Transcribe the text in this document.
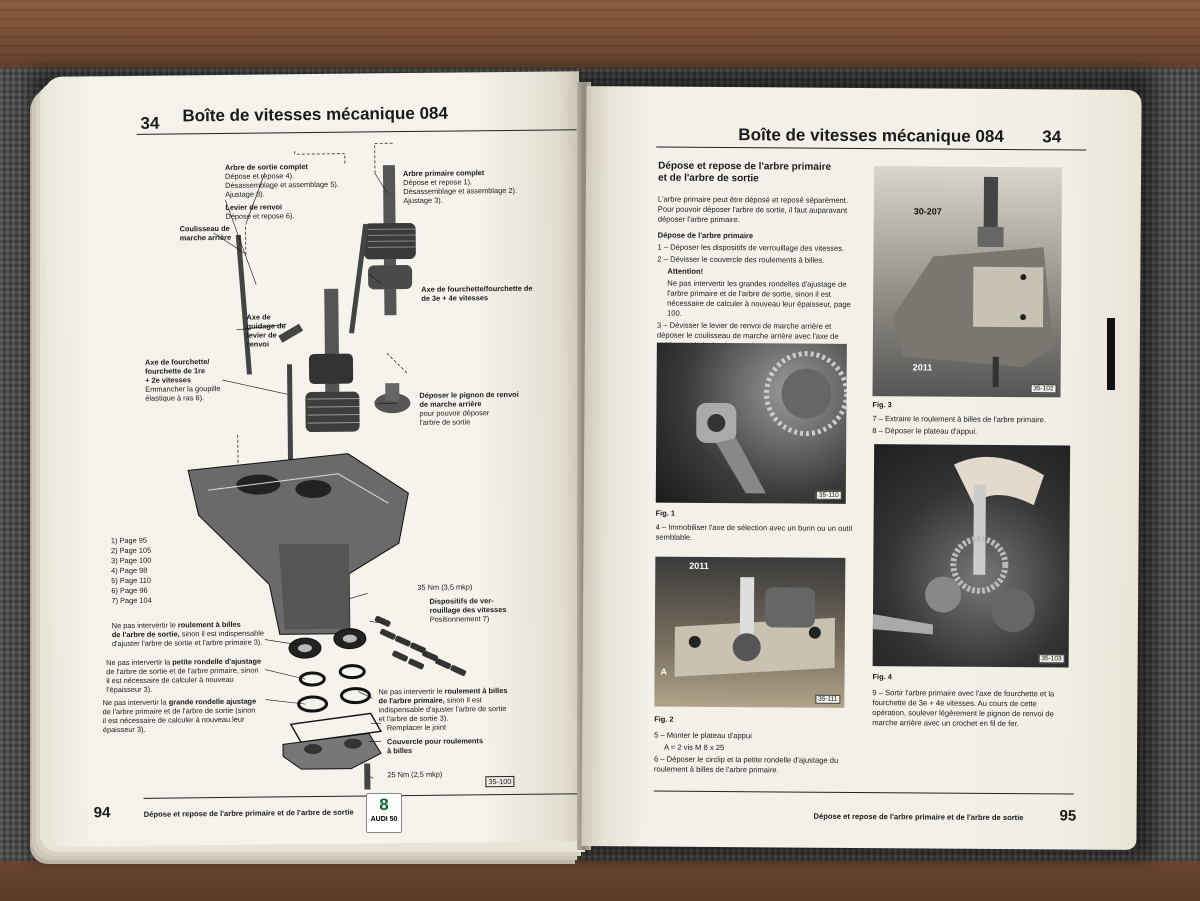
34 Boîte de vitesses mécanique 084
Arbre de sortie complet
Dépose et repose 4).
Désassemblage et assemblage 5).
Ajustage 3).
Levier de renvoi
Dépose et repose 6).
Arbre primaire complet
Dépose et repose 1).
Désassemblage et assemblage 2).
Ajustage 3).
Coulisseau de
marche arrière
Axe de fourchette/fourchette de
de 3e + 4e vitesses
Axe de
guidage de
levier de
renvoi
Axe de fourchette/
fourchette de 1re
+ 2e vitesses
Emmancher la goupille
élastique à ras 6).	Déposer le pignon de renvoi
de marche arrière
pour pouvoir déposer
l'arbre de sortie
35 Nm (3,5 mkp)
Dispositifs de ver-
rouillage des vitesses
Positionnement 7)
Ne pas intervertir le roulement à billes
de l'arbre de sortie, sinon il est indispensable
d'ajuster l'arbre de sortie et l'arbre primaire 3).
Ne pas intervertir la petite rondelle d'ajustage
de l'arbre de sortie et de l'arbre primaire, sinon
il est nécessaire de calculer à nouveau
l'épaisseur 3).
Ne pas intervertir la grande rondelle ajustage
de l'arbre primaire et de l'arbre de sortie (sinon
il est nécessaire de calculer à nouveau leur
épaisseur 3).
Ne pas intervertir le roulement à billes
de l'arbre primaire, sinon il est
indispensable d'ajuster l'arbre de sortie
et l'arbre de sortie 3).
Remplacer le joint
Couvercle pour roulements
à billes
25 Nm (2,5 mkp)
1) Page 95
2) Page 105
3) Page 100
4) Page 98
5) Page 110
6) Page 96
7) Page 104
35-100
94	Dépose et repose de l'arbre primaire et de l'arbre de sortie	8
AUDI 50
Boîte de vitesses mécanique 084 34
Dépose et repose de l'arbre primaire
et de l'arbre de sortie

L'arbre primaire peut être déposé et reposé séparément. Pour pouvoir déposer l'arbre de sortie, il faut auparavant déposer l'arbre primaire.

Dépose de l'arbre primaire

1 – Déposer les dispositifs de verrouillage des vitesses.

2 – Dévisser le couvercle des roulements à billes.

Attention!

Ne pas intervertir les grandes rondelles d'ajustage de l'arbre primaire et de l'arbre de sortie, sinon il est nécessaire de calculer à nouveau leur épaisseur, page 100.

3 – Dévisser le levier de renvoi de marche arrière et déposer le coulisseau de marche arrière avec l'axe de

35-110
Fig. 1
4 – Immobiliser l'axe de sélection avec un burin ou un outil semblable.
2011
A
35-111
Fig. 2

5 – Monter le plateau d'appui

A = 2 vis M 8 x 25

6 – Déposer le circlip et la petite rondelle d'ajustage du roulement à billes de l'arbre primaire.

30-207
2011
35-102
Fig. 3

7 – Extraire le roulement à billes de l'arbre primaire.

8 – Déposer le plateau d'appui.

35-103
Fig. 4
9 – Sortir l'arbre primaire avec l'axe de fourchette et la fourchette de 3e + 4e vitesses. Au cours de cette opération, soulever légèrement le pignon de renvoi de marche arrière avec un crochet en fil de fer.
Dépose et repose de l'arbre primaire et de l'arbre de sortie 95
